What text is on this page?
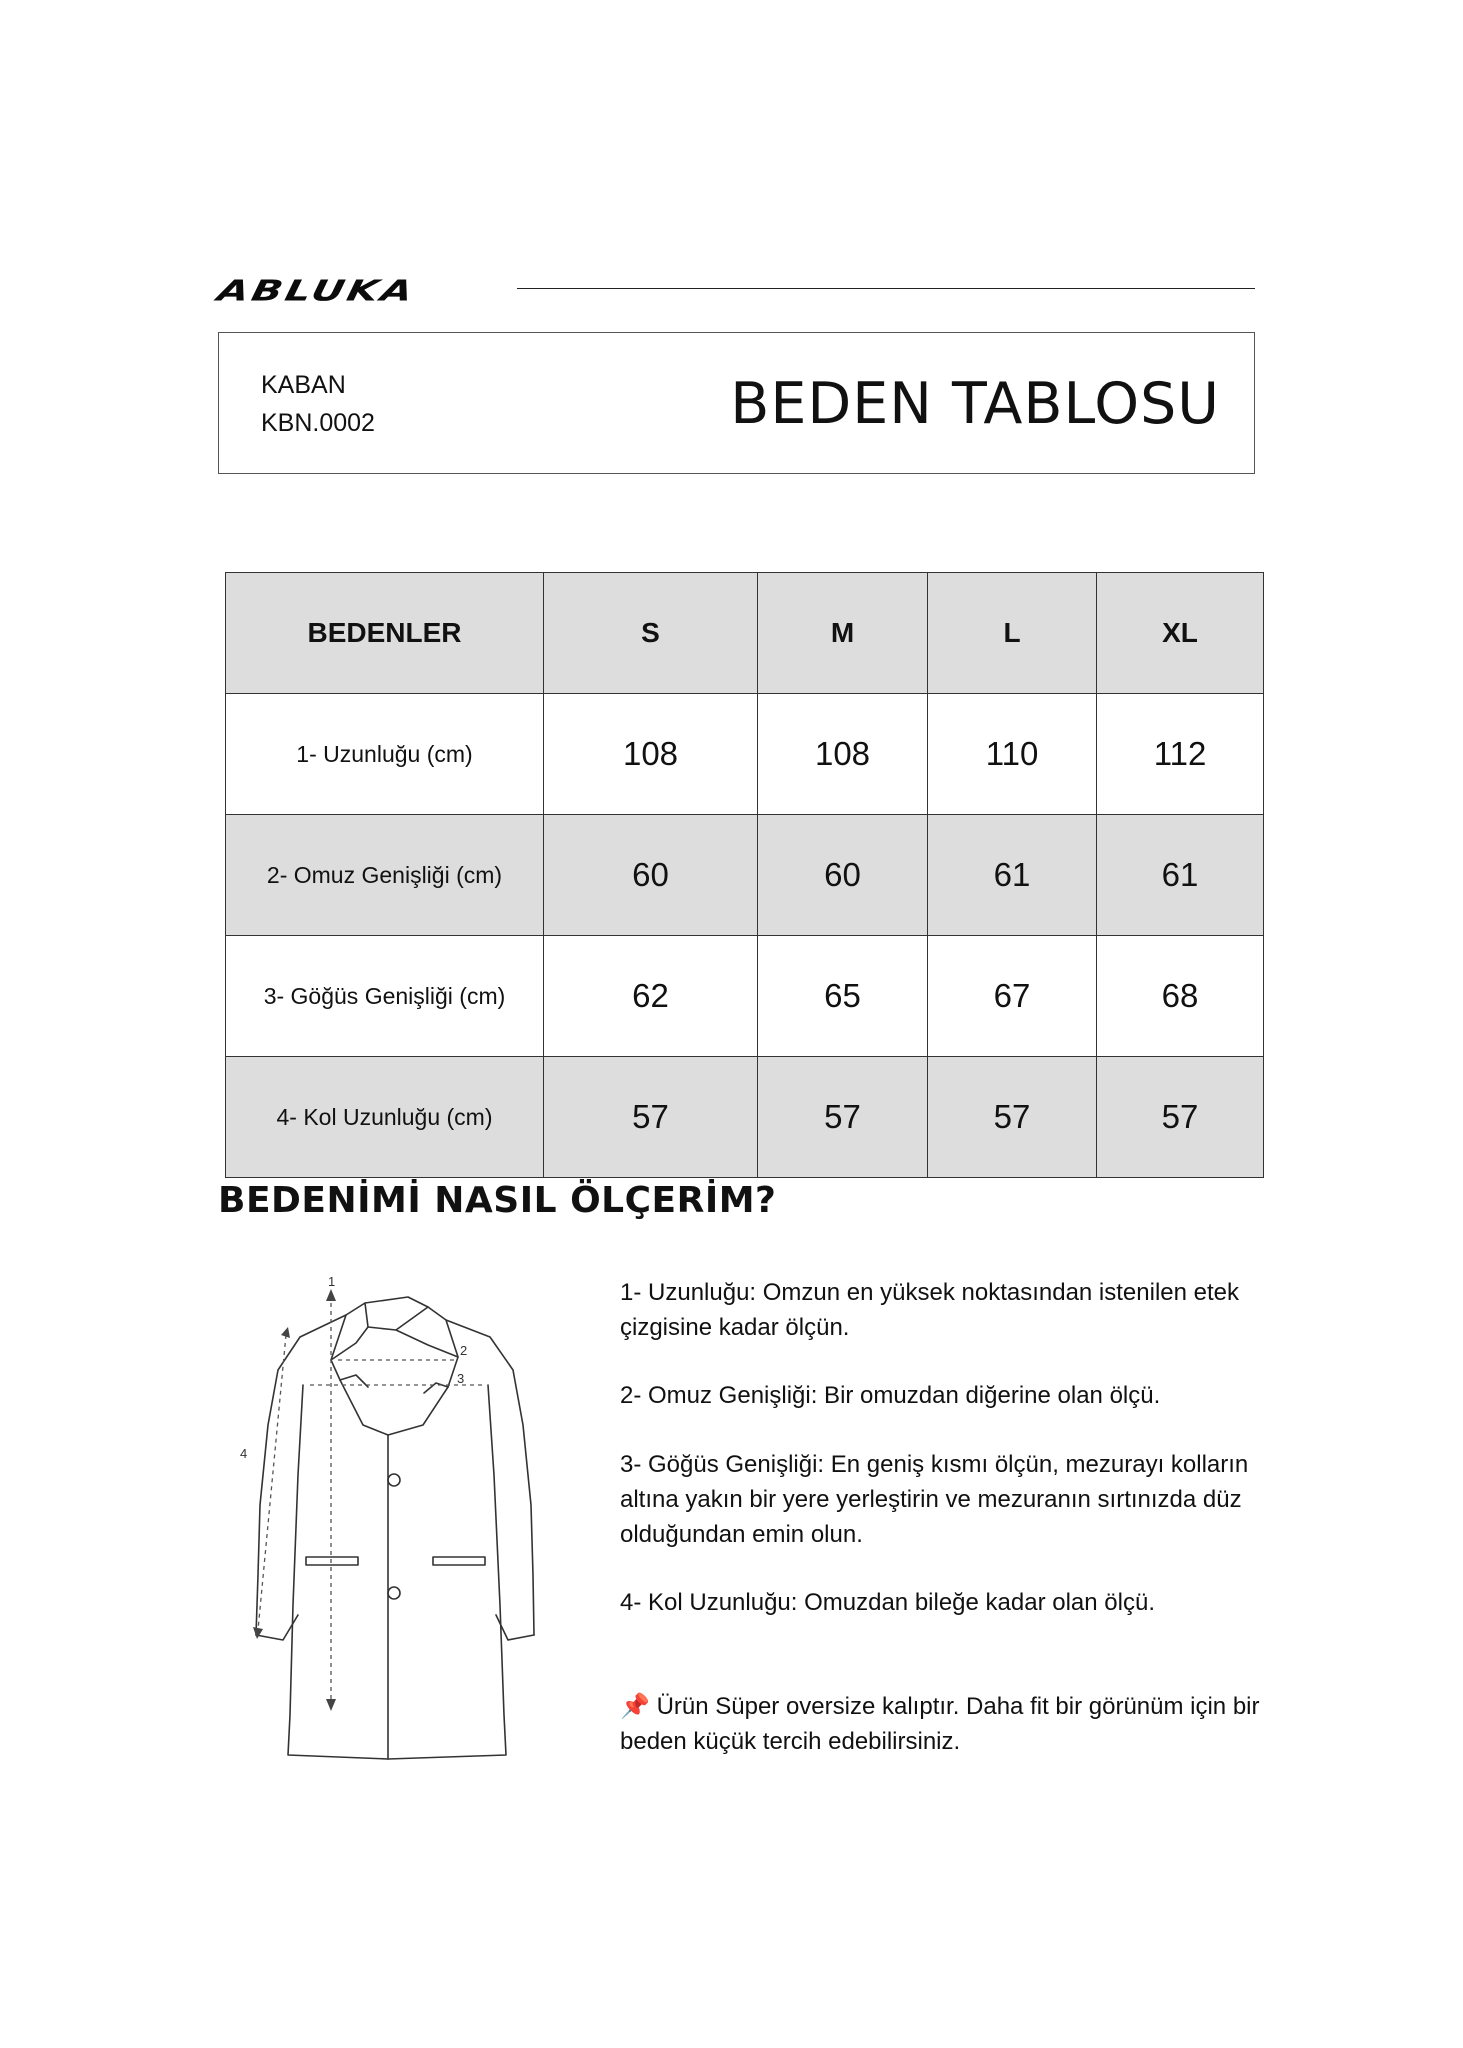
ABLUKA
KABAN
KBN.0002	BEDEN TABLOSU
BEDENLER	S	M	L	XL
1- Uzunluğu (cm)	108	108	110	112
2- Omuz Genişliği (cm)	60	60	61	61
3- Göğüs Genişliği (cm)	62	65	67	68
4- Kol Uzunluğu (cm)	57	57	57	57
BEDENİMİ NASIL ÖLÇERİM?
1
2
3
4

1- Uzunluğu: Omzun en yüksek noktasından istenilen etek çizgisine kadar ölçün.

2- Omuz Genişliği: Bir omuzdan diğerine olan ölçü.

3- Göğüs Genişliği: En geniş kısmı ölçün, mezurayı kolların altına yakın bir yere yerleştirin ve mezuranın sırtınızda düz olduğundan emin olun.

4- Kol Uzunluğu: Omuzdan bileğe kadar olan ölçü.

📌 Ürün Süper oversize kalıptır. Daha fit bir görünüm için bir beden küçük tercih edebilirsiniz.
